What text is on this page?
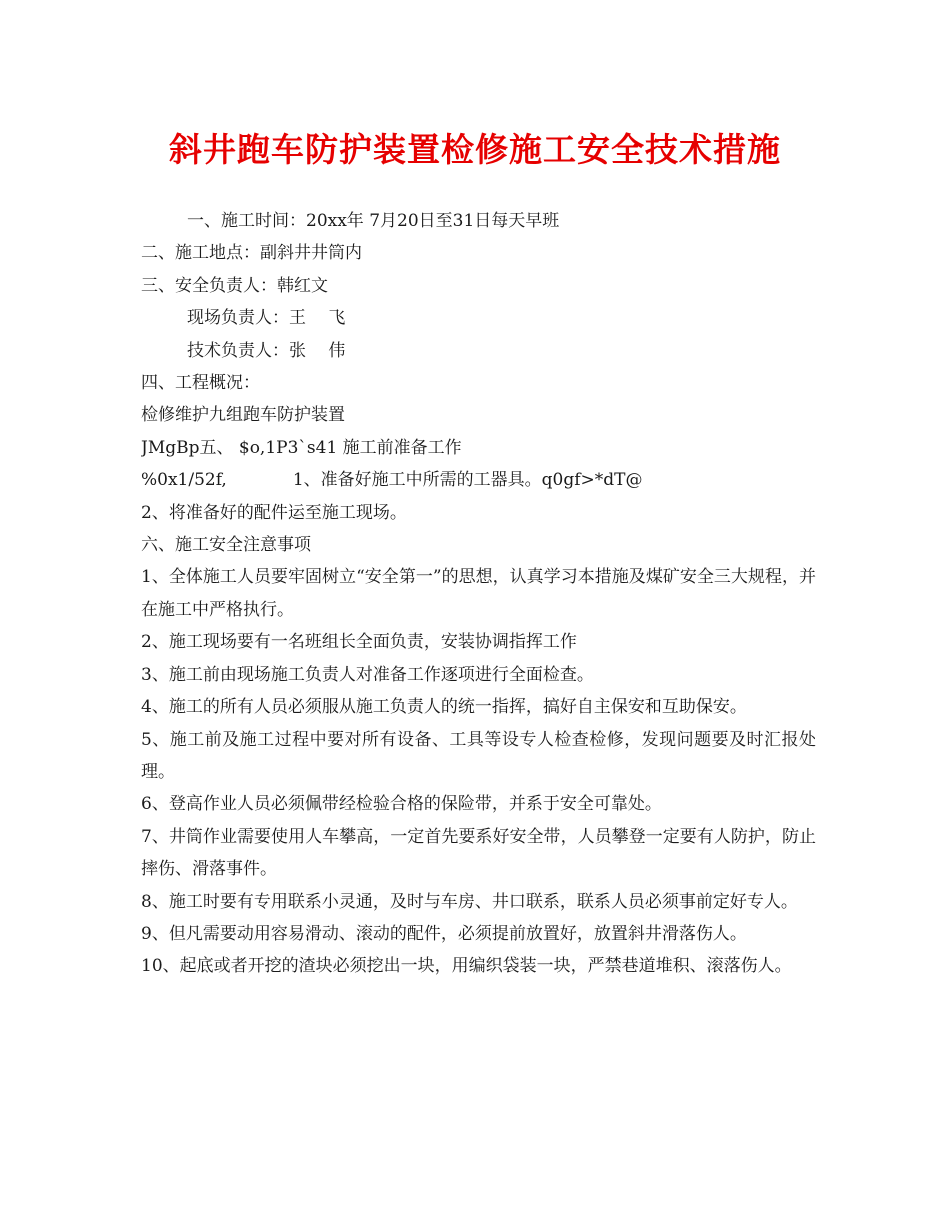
斜井跑车防护装置检修施工安全技术措施
一、施工时间：20xx年 7月20日至31日每天早班
二、施工地点：副斜井井筒内
三、安全负责人：韩红文
现场负责人：王　 飞
技术负责人：张　 伟
四、工程概况：
检修维护九组跑车防护装置
JMgBp五、 $o,1P3`s41 施工前准备工作
%0x1/52f,	1、准备好施工中所需的工器具。q0gf>*dT@
2、将准备好的配件运至施工现场。
六、施工安全注意事项
1、全体施工人员要牢固树立“安全第一”的思想，认真学习本措施及煤矿安全三大规程，并在施工中严格执行。
2、施工现场要有一名班组长全面负责，安装协调指挥工作
3、施工前由现场施工负责人对准备工作逐项进行全面检查。
4、施工的所有人员必须服从施工负责人的统一指挥，搞好自主保安和互助保安。
5、施工前及施工过程中要对所有设备、工具等设专人检查检修，发现问题要及时汇报处理。
6、登高作业人员必须佩带经检验合格的保险带，并系于安全可靠处。
7、井筒作业需要使用人车攀高，一定首先要系好安全带，人员攀登一定要有人防护，防止摔伤、滑落事件。
8、施工时要有专用联系小灵通，及时与车房、井口联系，联系人员必须事前定好专人。
9、但凡需要动用容易滑动、滚动的配件，必须提前放置好，放置斜井滑落伤人。
10、起底或者开挖的渣块必须挖出一块，用编织袋装一块，严禁巷道堆积、滚落伤人。
